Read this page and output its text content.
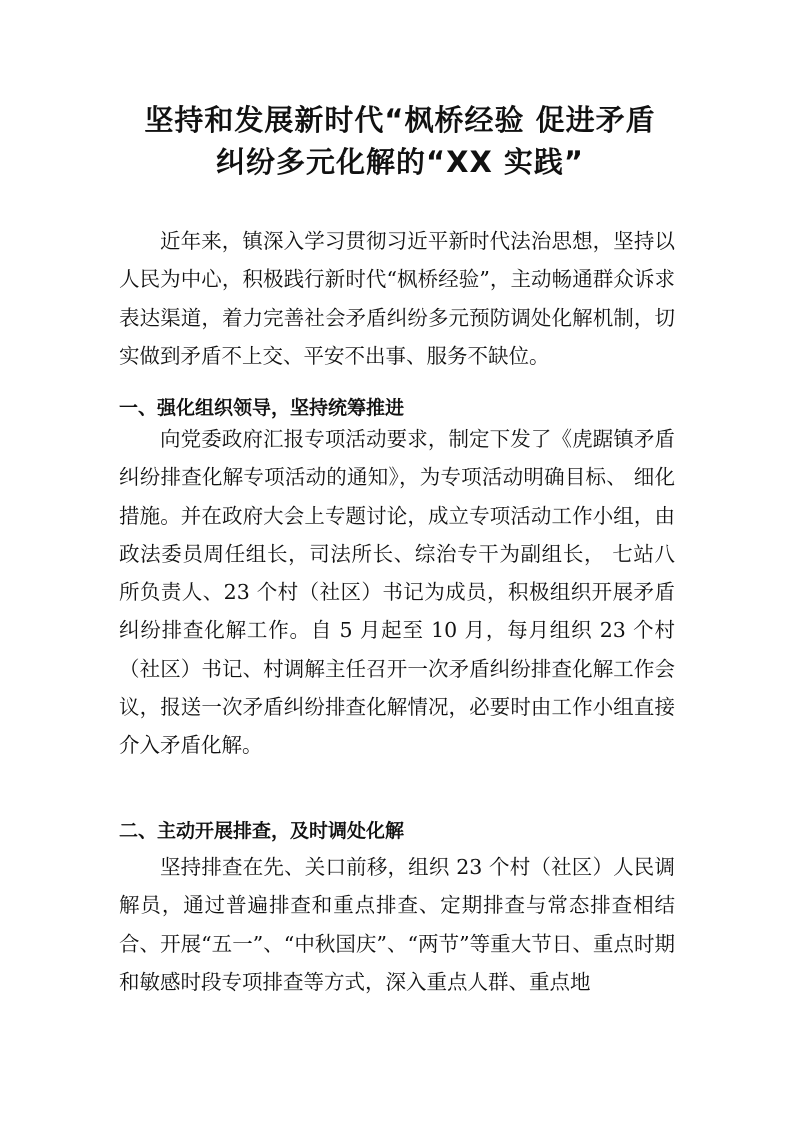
坚持和发展新时代“枫桥经验 促进矛盾
纠纷多元化解的“XX 实践”

近年来，镇深入学习贯彻习近平新时代法治思想，坚持以人民为中心，积极践行新时代“枫桥经验”，主动畅通群众诉求表达渠道，着力完善社会矛盾纠纷多元预防调处化解机制，切实做到矛盾不上交、平安不出事、服务不缺位。

一、强化组织领导，坚持统筹推进

向党委政府汇报专项活动要求，制定下发了《虎踞镇矛盾纠纷排查化解专项活动的通知》，为专项活动明确目标、 细化措施。并在政府大会上专题讨论，成立专项活动工作小组，由政法委员周任组长，司法所长、综治专干为副组长， 七站八所负责人、23 个村（社区）书记为成员，积极组织开展矛盾纠纷排查化解工作。自 5 月起至 10 月，每月组织 23 个村（社区）书记、村调解主任召开一次矛盾纠纷排查化解工作会议，报送一次矛盾纠纷排查化解情况，必要时由工作小组直接介入矛盾化解。

二、主动开展排查，及时调处化解

坚持排查在先、关口前移，组织 23 个村（社区）人民调解员，通过普遍排查和重点排查、定期排查与常态排查相结合、开展“五一”、“中秋国庆”、“两节”等重大节日、重点时期和敏感时段专项排查等方式，深入重点人群、重点地
